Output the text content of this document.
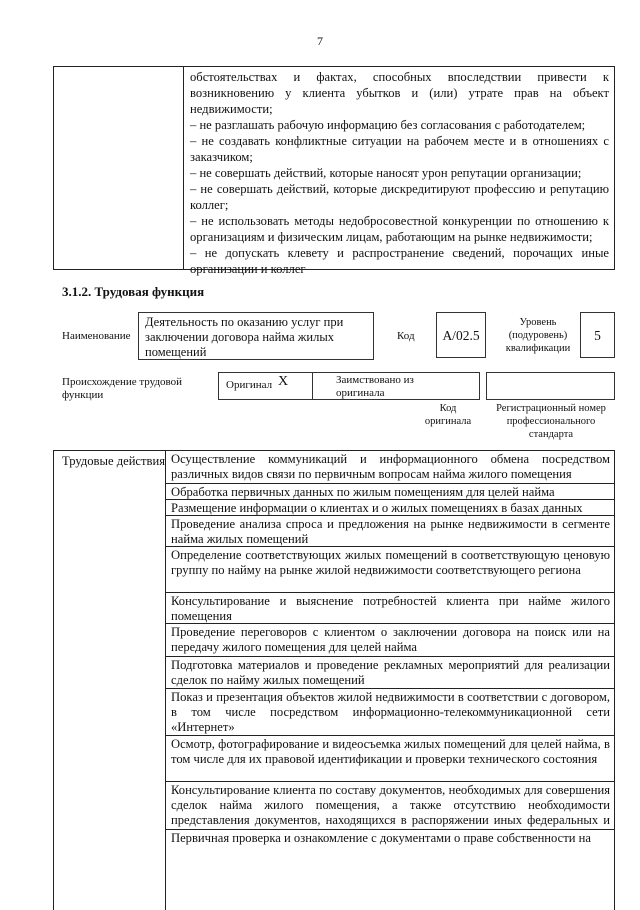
7

обстоятельствах и фактах, способных впоследствии привести к возникновению у клиента убытков и (или) утрате прав на объект недвижимости;

– не разглашать рабочую информацию без согласования с работодателем;

– не создавать конфликтные ситуации на рабочем месте и в отношениях с заказчиком;

– не совершать действий, которые наносят урон репутации организации;

– не совершать действий, которые дискредитируют профессию и репутацию коллег;

– не использовать методы недобросовестной конкуренции по отношению к организациям и физическим лицам, работающим на рынке недвижимости;

– не допускать клевету и распространение сведений, порочащих иные организации и коллег

3.1.2. Трудовая функция
Наименование
Деятельность по оказанию услуг при заключении договора найма жилых помещений
Код	А/02.5
Уровень (подуровень) квалификации
5
Происхождение трудовой функции
Оригинал X	Заимствовано из оригинала
Код оригинала
Регистрационный номер профессионального стандарта
Трудовые действия Осуществление коммуникаций и информационного обмена посредством различных видов связи по первичным вопросам найма жилого помещения
Обработка первичных данных по жилым помещениям для целей найма
Размещение информации о клиентах и о жилых помещениях в базах данных
Проведение анализа спроса и предложения на рынке недвижимости в сегменте найма жилых помещений
Определение соответствующих жилых помещений в соответствующую ценовую группу по найму на рынке жилой недвижимости соответствующего региона
Консультирование и выяснение потребностей клиента при найме жилого помещения
Проведение переговоров с клиентом о заключении договора на поиск или на передачу жилого помещения для целей найма
Подготовка материалов и проведение рекламных мероприятий для реализации сделок по найму жилых помещений
Показ и презентация объектов жилой недвижимости в соответствии с договором, в том числе посредством информационно-телекоммуникационной сети «Интернет»
Осмотр, фотографирование и видеосъемка жилых помещений для целей найма, в том числе для их правовой идентификации и проверки технического состояния
Консультирование клиента по составу документов, необходимых для совершения сделок найма жилого помещения, а также отсутствию необходимости представления документов, находящихся в распоряжении иных федеральных и
Первичная проверка и ознакомление с документами о праве собственности на
